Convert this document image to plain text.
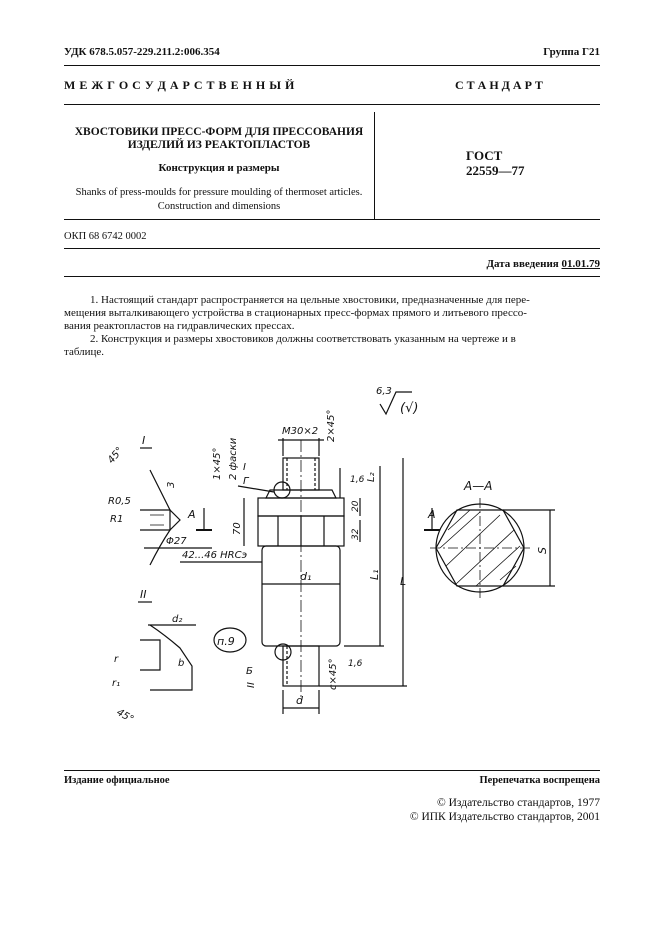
УДК 678.5.057-229.211.2:006.354	Группа Г21
М Е Ж Г О С У Д А Р С Т В Е Н Н Ы Й	С Т А Н Д А Р Т
ХВОСТОВИКИ ПРЕСС-ФОРМ ДЛЯ ПРЕССОВАНИЯ
ИЗДЕЛИЙ ИЗ РЕАКТОПЛАСТОВ
Конструкция и размеры
Shanks of press-moulds for pressure moulding of thermoset articles.
Construction and dimensions
ГОСТ
22559—77
ОКП 68 6742 0002
Дата введения 01.01.79
1. Настоящий стандарт распространяется на цельные хвостовики, предназначенные для пере-
мещения выталкивающего устройства в стационарных пресс-формах прямого и литьевого прессо-
вания реактопластов на гидравлических прессах.
2. Конструкция и размеры хвостовиков должны соответствовать указанным на чертеже и в
таблице.
6,3
(√)
п.9
М30×2 2×45°
1×45° 2 фаски I
Г
70
42...46 HRCэ
А	А
1,6 L₂
20
32
L₁
L
1,6
c×45°
d₁
d
Б
II
А—А
S
I
45°
R0,5
R1
3
Φ27
II
d₂
b
r
r₁
45°
Издание официальное	Перепечатка воспрещена
© Издательство стандартов, 1977
© ИПК Издательство стандартов, 2001
